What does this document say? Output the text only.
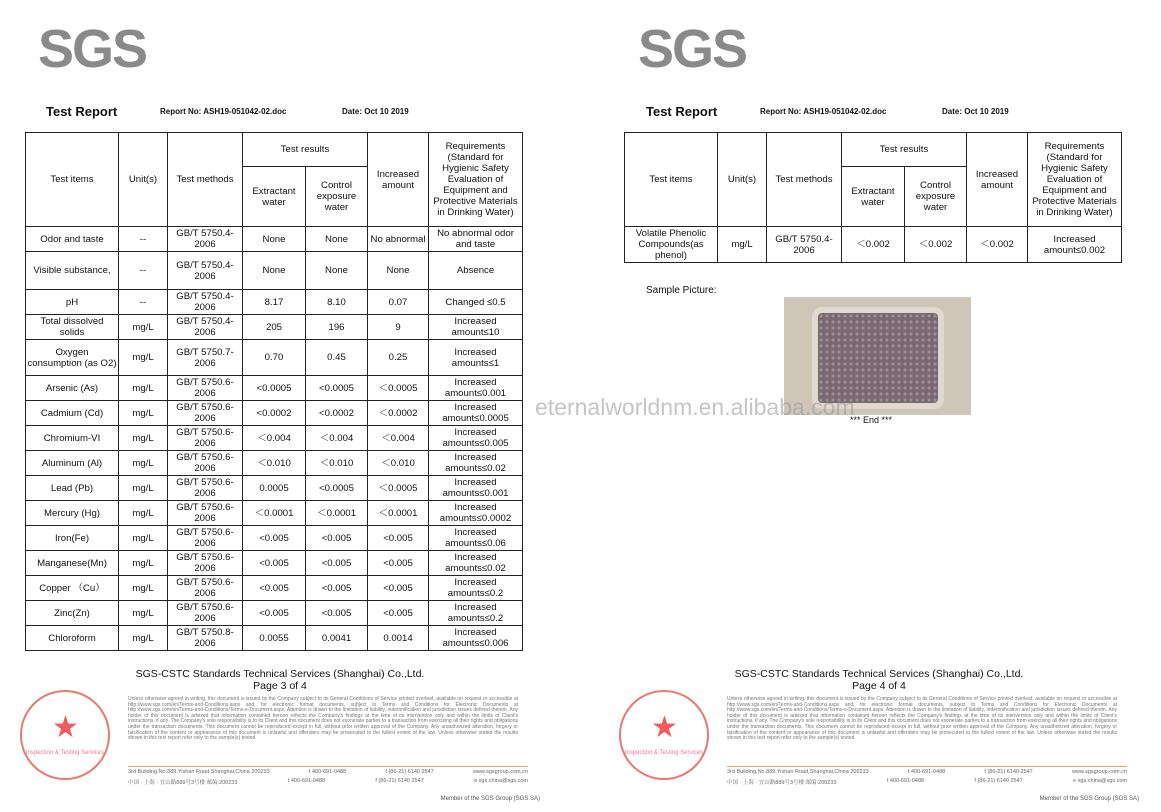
SGS
Test Report	Report No: ASH19-051042-02.doc	Date: Oct 10 2019
Test items	Unit(s)	Test methods	Test results		Increased amount	Requirements (Standard for Hygienic Safety Evaluation of Equipment and Protective Materials in Drinking Water)
			Extractant water	Control exposure water		
Odor and taste	--	GB/T 5750.4-2006	None	None	No abnormal	No abnormal odor and taste
Visible substance,	--	GB/T 5750.4-2006	None	None	None	Absence
pH	--	GB/T 5750.4-2006	8.17	8.10	0.07	Changed ≤0.5
Total dissolved solids	mg/L	GB/T 5750.4-2006	205	196	9	Increased amount≤10
Oxygen consumption (as O2)	mg/L	GB/T 5750.7-2006	0.70	0.45	0.25	Increased amounts≤1
Arsenic (As)	mg/L	GB/T 5750.6-2006	<0.0005	<0.0005	＜0.0005	Increased amount≤0.001
Cadmium (Cd)	mg/L	GB/T 5750.6-2006	<0.0002	<0.0002	＜0.0002	Increased amount≤0.0005
Chromium-VI	mg/L	GB/T 5750.6-2006	＜0.004	＜0.004	＜0.004	Increased amounts≤0.005
Aluminum (Al)	mg/L	GB/T 5750.6-2006	＜0.010	＜0.010	＜0.010	Increased amounts≤0.02
Lead (Pb)	mg/L	GB/T 5750.6-2006	0.0005	<0.0005	＜0.0005	Increased amounts≤0.001
Mercury (Hg)	mg/L	GB/T 5750.6-2006	＜0.0001	＜0.0001	＜0.0001	Increased amounts≤0.0002
Iron(Fe)	mg/L	GB/T 5750.6-2006	<0.005	<0.005	<0.005	Increased amounts≤0.06
Manganese(Mn)	mg/L	GB/T 5750.6-2006	<0.005	<0.005	<0.005	Increased amounts≤0.02
Copper （Cu）	mg/L	GB/T 5750.6-2006	<0.005	<0.005	<0.005	Increased amounts≤0.2
Zinc(Zn)	mg/L	GB/T 5750.6-2006	<0.005	<0.005	<0.005	Increased amounts≤0.2
Chloroform	mg/L	GB/T 5750.8-2006	0.0055	0.0041	0.0014	Increased amounts≤0.006
SGS-CSTC Standards Technical Services (Shanghai) Co.,Ltd.
Page 3 of 4
★
Inspection & Testing Services
Unless otherwise agreed in writing, this document is issued by the Company subject to its General Conditions of Service printed overleaf, available on request or accessible at http://www.sgs.com/en/Terms-and-Conditions.aspx and, for electronic format documents, subject to Terms and Conditions for Electronic Documents at http://www.sgs.com/en/Terms-and-Conditions/Terms-e-Document.aspx. Attention is drawn to the limitation of liability, indemnification and jurisdiction issues defined therein. Any holder of this document is advised that information contained hereon reflects the Company's findings at the time of its intervention only and within the limits of Client's instructions, if any. The Company's sole responsibility is to its Client and this document does not exonerate parties to a transaction from exercising all their rights and obligations under the transaction documents. This document cannot be reproduced except in full, without prior written approval of the Company. Any unauthorized alteration, forgery or falsification of the content or appearance of this document is unlawful and offenders may be prosecuted to the fullest extent of the law. Unless otherwise stated the results shown in this test report refer only to the sample(s) tested.
3rd Building,No.889,Yishan Road,Shanghai,China 200233	t 400-691-0488	f (86-21) 6140 2547	www.sgsgroup.com.cn
中国 · 上海 · 宜山路889号3号楼 邮编:200233	t 400-691-0488	f (86-21) 6140 2547	e sgs.china@sgs.com
Member of the SGS Group (SGS SA)
SGS
Test Report	Report No: ASH19-051042-02.doc	Date: Oct 10 2019
Test items	Unit(s)	Test methods	Test results		Increased amount	Requirements (Standard for Hygienic Safety Evaluation of Equipment and Protective Materials in Drinking Water)
			Extractant water	Control exposure water		
Volatile Phenolic Compounds(as phenol)	mg/L	GB/T 5750.4-2006	＜0.002	＜0.002	＜0.002	Increased amount≤0.002
SGS-CSTC Standards Technical Services (Shanghai) Co.,Ltd.
Page 4 of 4
★
Inspection & Testing Services
Unless otherwise agreed in writing, this document is issued by the Company subject to its General Conditions of Service printed overleaf, available on request or accessible at http://www.sgs.com/en/Terms-and-Conditions.aspx and, for electronic format documents, subject to Terms and Conditions for Electronic Documents at http://www.sgs.com/en/Terms-and-Conditions/Terms-e-Document.aspx. Attention is drawn to the limitation of liability, indemnification and jurisdiction issues defined therein. Any holder of this document is advised that information contained hereon reflects the Company's findings at the time of its intervention only and within the limits of Client's instructions, if any. The Company's sole responsibility is to its Client and this document does not exonerate parties to a transaction from exercising all their rights and obligations under the transaction documents. This document cannot be reproduced except in full, without prior written approval of the Company. Any unauthorized alteration, forgery or falsification of the content or appearance of this document is unlawful and offenders may be prosecuted to the fullest extent of the law. Unless otherwise stated the results shown in this test report refer only to the sample(s) tested.
3rd Building,No.889,Yishan Road,Shanghai,China 200233	t 400-691-0488	f (86-21) 6140 2547	www.sgsgroup.com.cn
中国 · 上海 · 宜山路889号3号楼 邮编:200233	t 400-691-0488	f (86-21) 6140 2547	e sgs.china@sgs.com
Member of the SGS Group (SGS SA)
Sample Picture:
*** End ***
eternalworldnm.en.alibaba.com
